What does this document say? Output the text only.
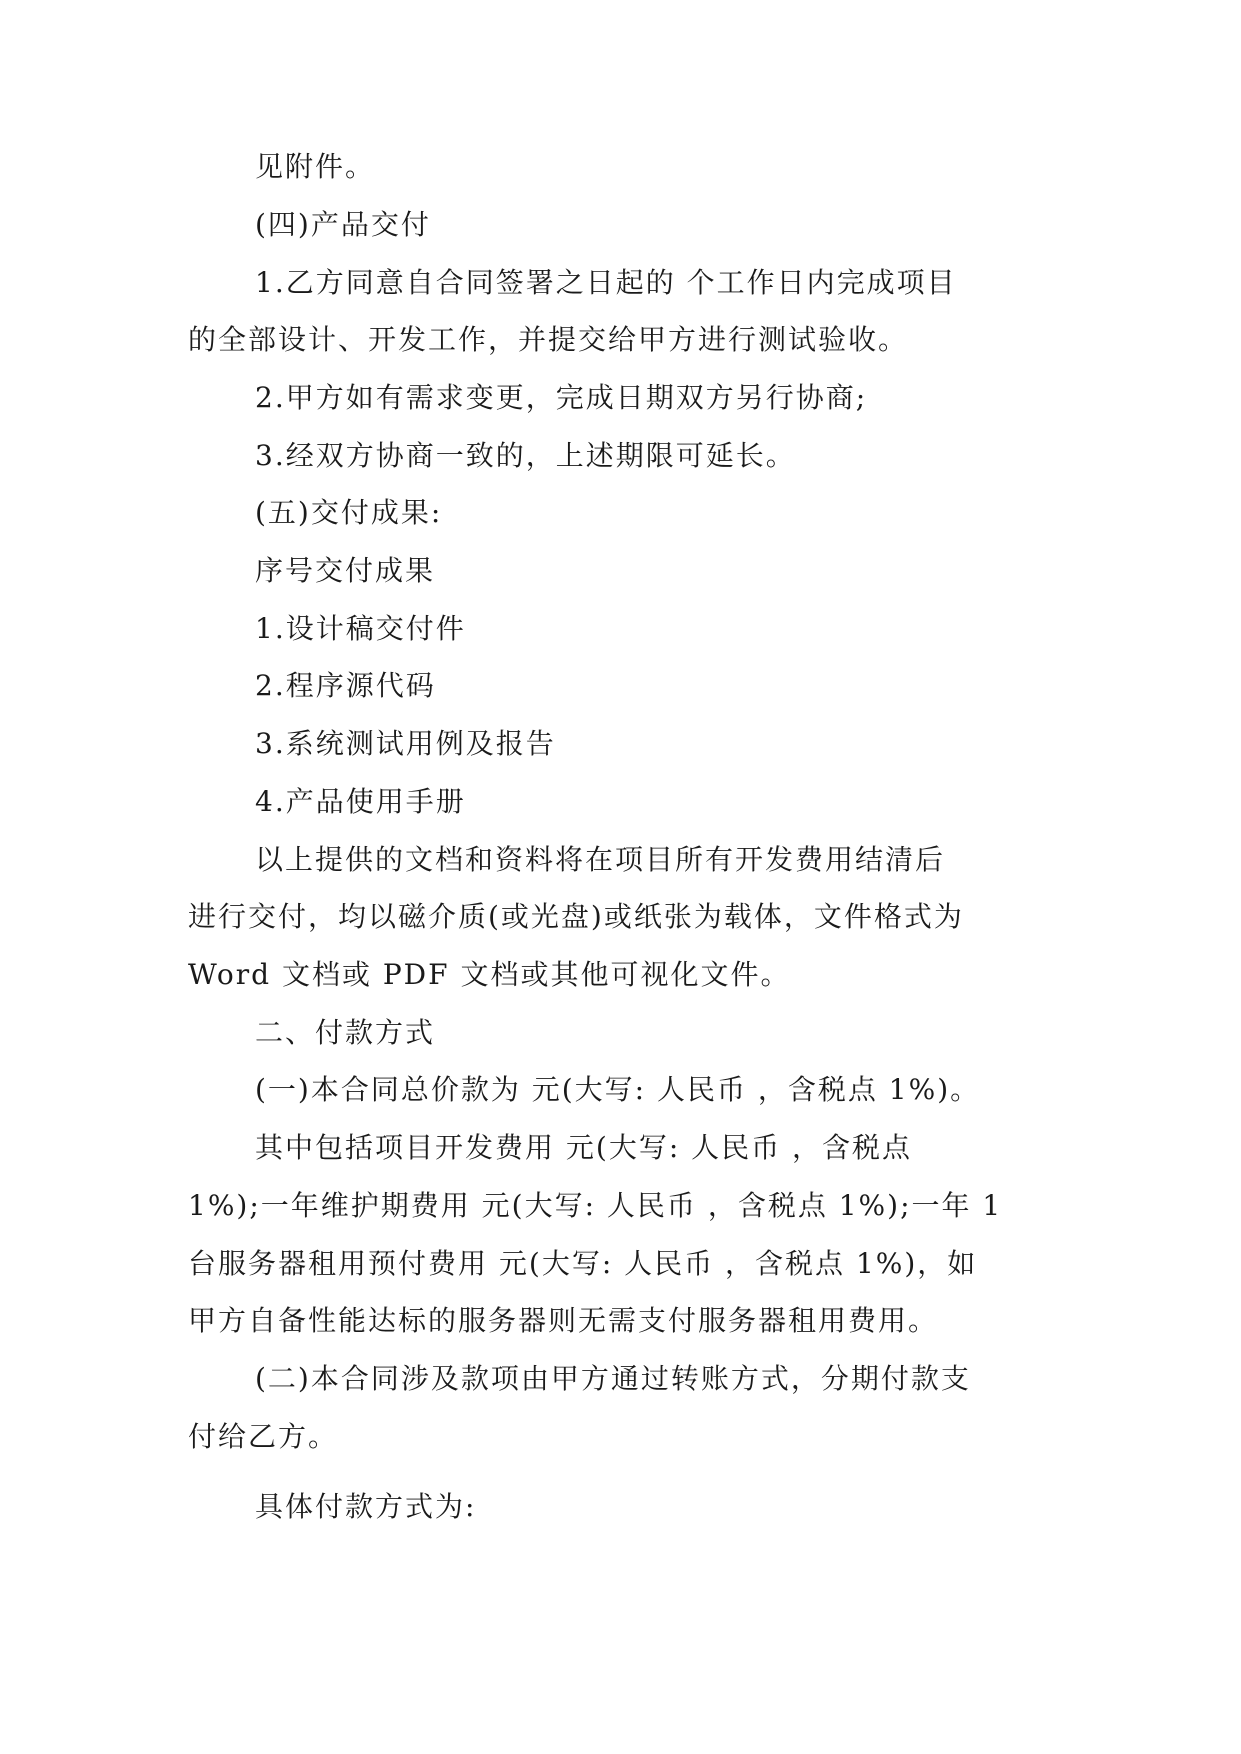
见附件。
(四)产品交付
1.乙方同意自合同签署之日起的 个工作日内完成项目
的全部设计、开发工作，并提交给甲方进行测试验收。
2.甲方如有需求变更，完成日期双方另行协商;
3.经双方协商一致的，上述期限可延长。
(五)交付成果:
序号交付成果
1.设计稿交付件
2.程序源代码
3.系统测试用例及报告
4.产品使用手册
以上提供的文档和资料将在项目所有开发费用结清后
进行交付，均以磁介质(或光盘)或纸张为载体，文件格式为
Word 文档或 PDF 文档或其他可视化文件。
二、付款方式
(一)本合同总价款为 元(大写: 人民币 ，含税点 1%)。
其中包括项目开发费用 元(大写: 人民币 ，含税点
1%);一年维护期费用 元(大写: 人民币 ，含税点 1%);一年 1
台服务器租用预付费用 元(大写: 人民币 ，含税点 1%)，如
甲方自备性能达标的服务器则无需支付服务器租用费用。
(二)本合同涉及款项由甲方通过转账方式，分期付款支
付给乙方。
具体付款方式为:
